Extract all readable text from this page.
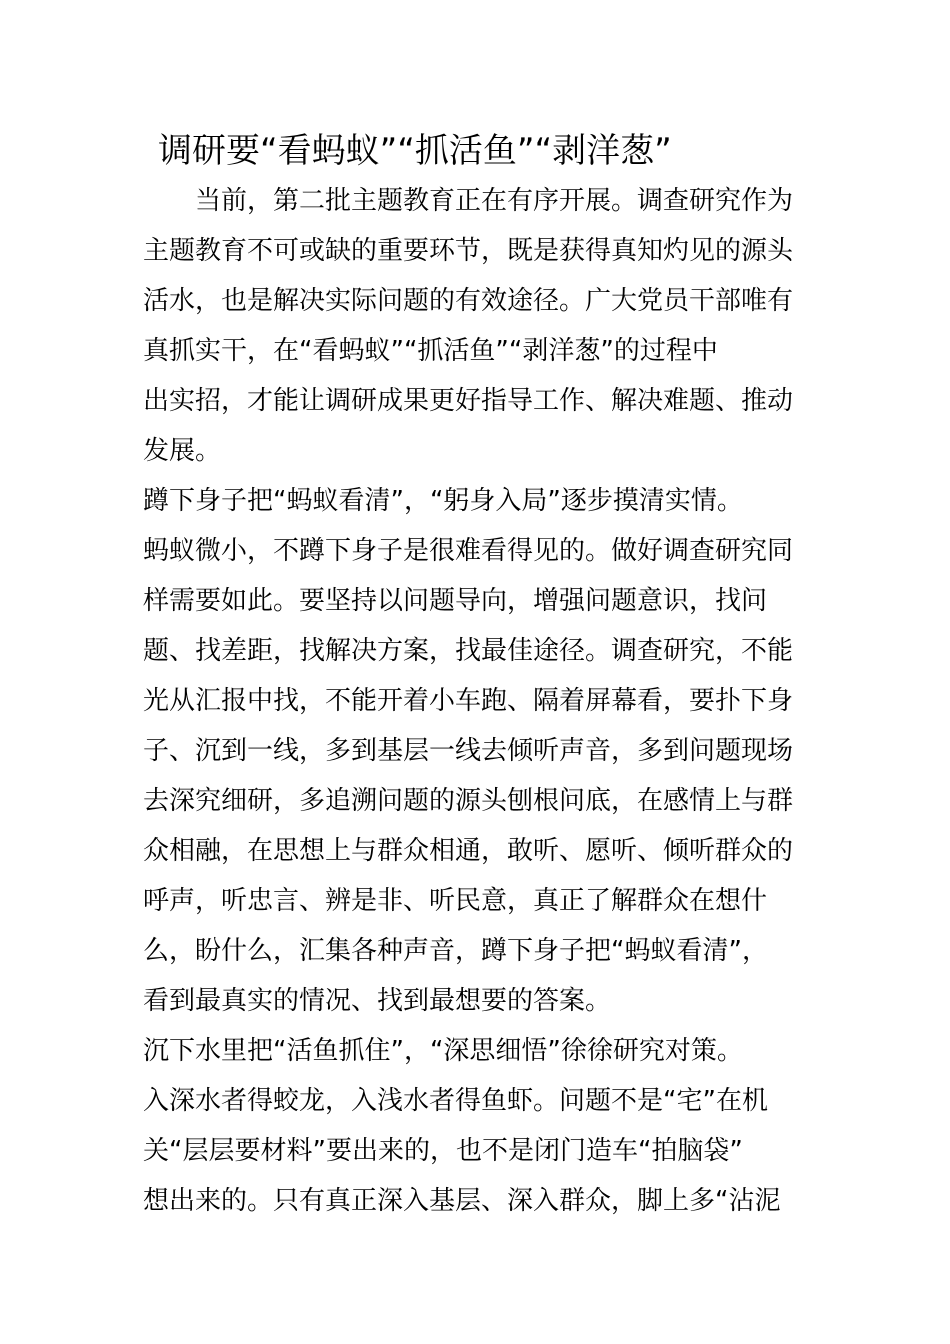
调研要“看蚂蚁”“抓活鱼”“剥洋葱”
　　当前，第二批主题教育正在有序开展。调查研究作为
主题教育不可或缺的重要环节，既是获得真知灼见的源头
活水，也是解决实际问题的有效途径。广大党员干部唯有
真抓实干，在“看蚂蚁”“抓活鱼”“剥洋葱”的过程中
出实招，才能让调研成果更好指导工作、解决难题、推动
发展。
蹲下身子把“蚂蚁看清”，“躬身入局”逐步摸清实情。
蚂蚁微小，不蹲下身子是很难看得见的。做好调查研究同
样需要如此。要坚持以问题导向，增强问题意识，找问
题、找差距，找解决方案，找最佳途径。调查研究，不能
光从汇报中找，不能开着小车跑、隔着屏幕看，要扑下身
子、沉到一线，多到基层一线去倾听声音，多到问题现场
去深究细研，多追溯问题的源头刨根问底，在感情上与群
众相融，在思想上与群众相通，敢听、愿听、倾听群众的
呼声，听忠言、辨是非、听民意，真正了解群众在想什
么，盼什么，汇集各种声音，蹲下身子把“蚂蚁看清”，
看到最真实的情况、找到最想要的答案。
沉下水里把“活鱼抓住”，“深思细悟”徐徐研究对策。
入深水者得蛟龙，入浅水者得鱼虾。问题不是“宅”在机
关“层层要材料”要出来的，也不是闭门造车“拍脑袋”
想出来的。只有真正深入基层、深入群众，脚上多“沾泥
